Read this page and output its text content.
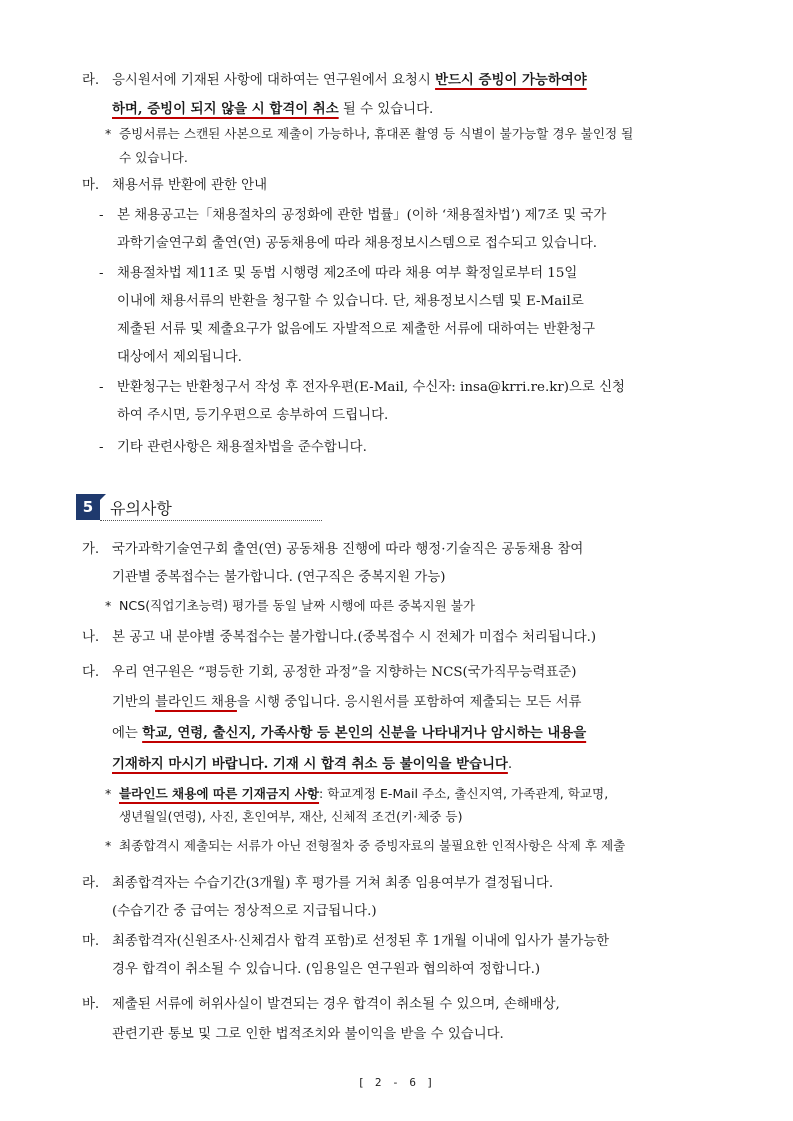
라. 응시원서에 기재된 사항에 대하여는 연구원에서 요청시 반드시 증빙이 가능하여야
하며, 증빙이 되지 않을 시 합격이 취소 될 수 있습니다.
* 증빙서류는 스캔된 사본으로 제출이 가능하나, 휴대폰 촬영 등 식별이 불가능할 경우 불인정 될
수 있습니다.
마. 채용서류 반환에 관한 안내
- 본 채용공고는「채용절차의 공정화에 관한 법률」(이하 ‘채용절차법’) 제7조 및 국가
과학기술연구회 출연(연) 공동채용에 따라 채용정보시스템으로 접수되고 있습니다.
- 채용절차법 제11조 및 동법 시행령 제2조에 따라 채용 여부 확정일로부터 15일
이내에 채용서류의 반환을 청구할 수 있습니다. 단, 채용정보시스템 및 E-Mail로
제출된 서류 및 제출요구가 없음에도 자발적으로 제출한 서류에 대하여는 반환청구
대상에서 제외됩니다.
- 반환청구는 반환청구서 작성 후 전자우편(E-Mail, 수신자: insa@krri.re.kr)으로 신청
하여 주시면, 등기우편으로 송부하여 드립니다.
- 기타 관련사항은 채용절차법을 준수합니다.
5	유의사항
가. 국가과학기술연구회 출연(연) 공동채용 진행에 따라 행정·기술직은 공동채용 참여
기관별 중복접수는 불가합니다. (연구직은 중복지원 가능)
* NCS(직업기초능력) 평가를 동일 날짜 시행에 따른 중복지원 불가
나. 본 공고 내 분야별 중복접수는 불가합니다.(중복접수 시 전체가 미접수 처리됩니다.)
다. 우리 연구원은 “평등한 기회, 공정한 과정”을 지향하는 NCS(국가직무능력표준)
기반의 블라인드 채용을 시행 중입니다. 응시원서를 포함하여 제출되는 모든 서류
에는 학교, 연령, 출신지, 가족사항 등 본인의 신분을 나타내거나 암시하는 내용을
기재하지 마시기 바랍니다. 기재 시 합격 취소 등 불이익을 받습니다.
* 블라인드 채용에 따른 기재금지 사항: 학교계정 E-Mail 주소, 출신지역, 가족관계, 학교명,
생년월일(연령), 사진, 혼인여부, 재산, 신체적 조건(키·체중 등)
* 최종합격시 제출되는 서류가 아닌 전형절차 중 증빙자료의 불필요한 인적사항은 삭제 후 제출
라. 최종합격자는 수습기간(3개월) 후 평가를 거쳐 최종 임용여부가 결정됩니다.
(수습기간 중 급여는 정상적으로 지급됩니다.)
마. 최종합격자(신원조사·신체검사 합격 포함)로 선정된 후 1개월 이내에 입사가 불가능한
경우 합격이 취소될 수 있습니다. (임용일은 연구원과 협의하여 정합니다.)
바. 제출된 서류에 허위사실이 발견되는 경우 합격이 취소될 수 있으며, 손해배상,
관련기관 통보 및 그로 인한 법적조치와 불이익을 받을 수 있습니다.
[ 2 - 6 ]
